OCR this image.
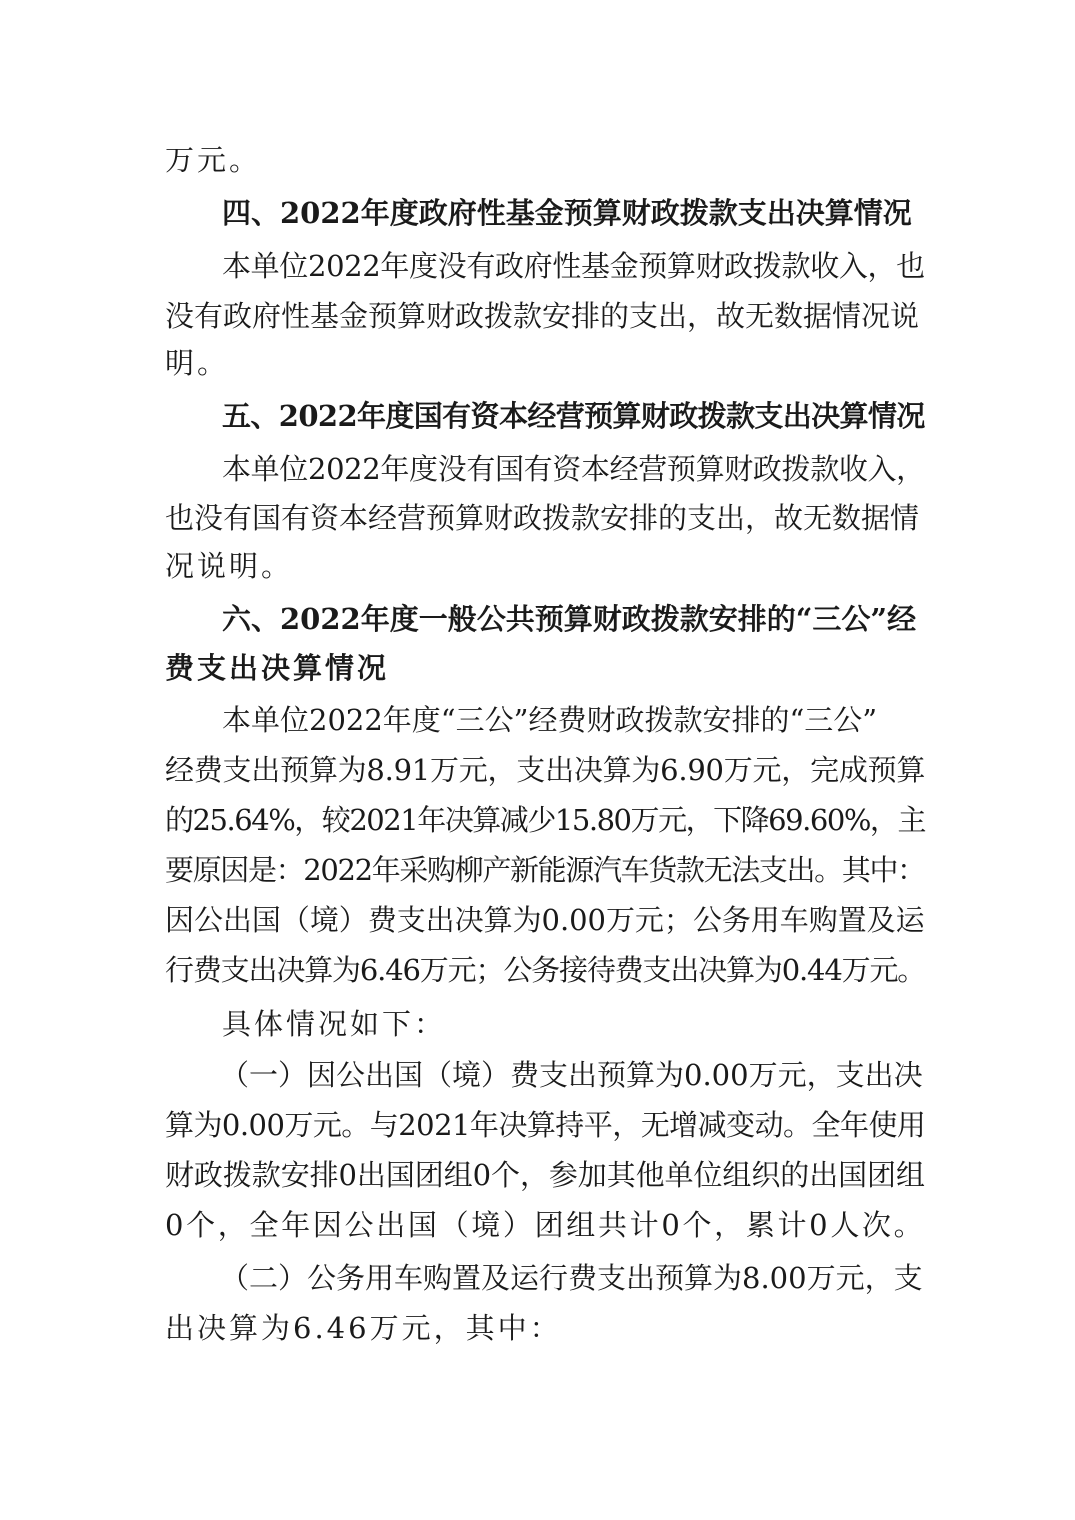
万元。

四、2022年度政府性基金预算财政拨款支出决算情况

本单位2022年度没有政府性基金预算财政拨款收入，也

没有政府性基金预算财政拨款安排的支出，故无数据情况说

明。

五、2022年度国有资本经营预算财政拨款支出决算情况

本单位2022年度没有国有资本经营预算财政拨款收入，

也没有国有资本经营预算财政拨款安排的支出，故无数据情

况说明。

六、2022年度一般公共预算财政拨款安排的“三公”经

费支出决算情况

本单位2022年度“三公”经费财政拨款安排的“三公”

经费支出预算为8.91万元，支出决算为6.90万元，完成预算

的25.64%，较2021年决算减少15.80万元，下降69.60%，主

要原因是：2022年采购柳产新能源汽车货款无法支出。其中：

因公出国（境）费支出决算为0.00万元；公务用车购置及运

行费支出决算为6.46万元；公务接待费支出决算为0.44万元。

具体情况如下：

（一）因公出国（境）费支出预算为0.00万元，支出决

算为0.00万元。与2021年决算持平，无增减变动。全年使用

财政拨款安排0出国团组0个，参加其他单位组织的出国团组

0个，全年因公出国（境）团组共计0个，累计0人次。

（二）公务用车购置及运行费支出预算为8.00万元，支

出决算为6.46万元，其中：
